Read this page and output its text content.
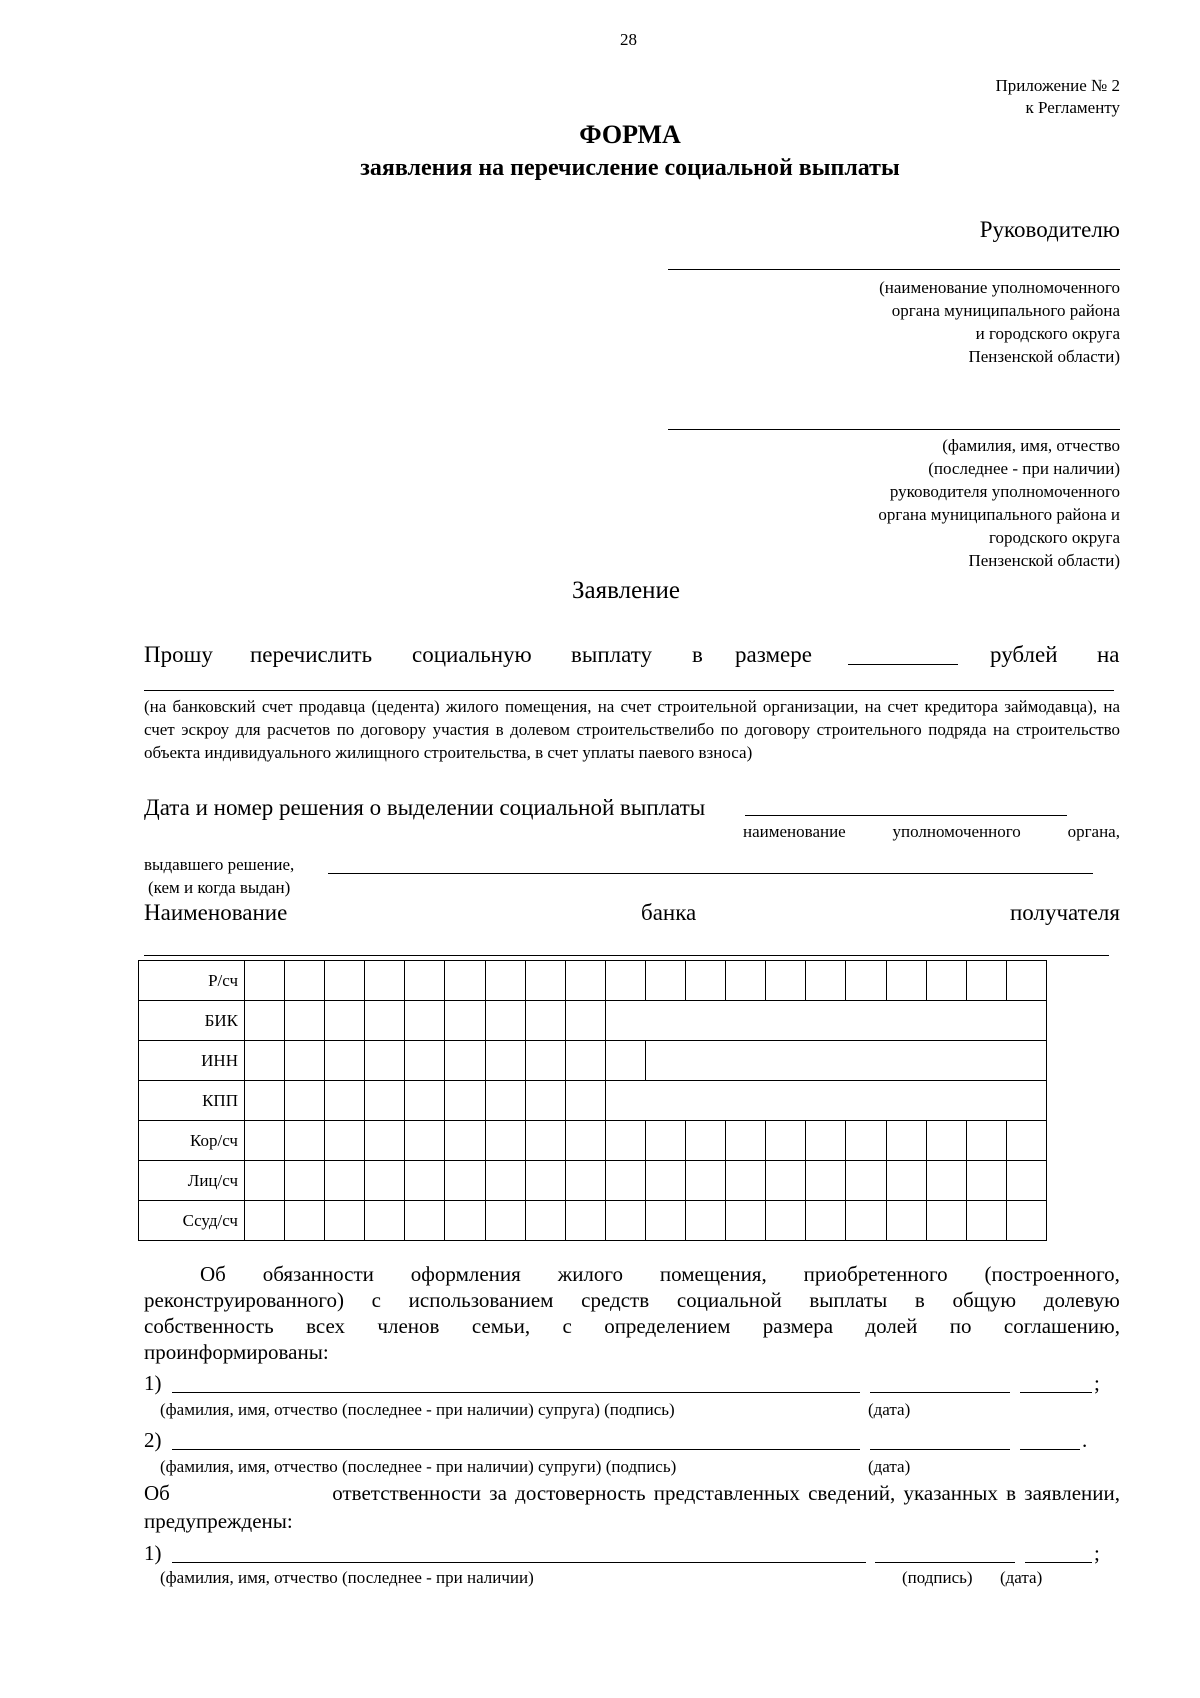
28
Приложение № 2
к Регламенту
ФОРМА
заявления на перечисление социальной выплаты
Руководителю
(наименование уполномоченного
органа муниципального района
и городского округа
Пензенской области)
(фамилия, имя, отчество
(последнее - при наличии)
руководителя уполномоченного
органа муниципального района и
городского округа
Пензенской области)
Заявление
Прошу перечислить социальную выплату в размере	рублей на
(на банковский счет продавца (цедента) жилого помещения, на счет строительной организации, на счет кредитора займодавца), на счет эскроу для расчетов по договору участия в долевом строительствелибо по договору строительного подряда на строительство объекта индивидуального жилищного строительства, в счет уплаты паевого взноса)
Дата и номер решения о выделении социальной выплаты
наименование	уполномоченного	органа,
выдавшего решение,
(кем и когда выдан)
Наименование	банка	получателя
Р/сч																				
БИК																				
ИНН																				
КПП																				
Кор/сч																				
Лиц/сч																				
Ссуд/сч																				
Об обязанности оформления жилого помещения, приобретенного (построенного,
реконструированного) с использованием средств социальной выплаты в общую долевую
собственность всех членов семьи, с определением размера долей по соглашению,
проинформированы:
1)	;
(фамилия, имя, отчество (последнее - при наличии) супруга) (подпись)	(дата)
2)	.
(фамилия, имя, отчество (последнее - при наличии) супруги) (подпись)	(дата)
Об	ответственности за достоверность представленных сведений, указанных в заявлении,
предупреждены:
1)	;
(фамилия, имя, отчество (последнее - при наличии)	(подпись) (дата)
